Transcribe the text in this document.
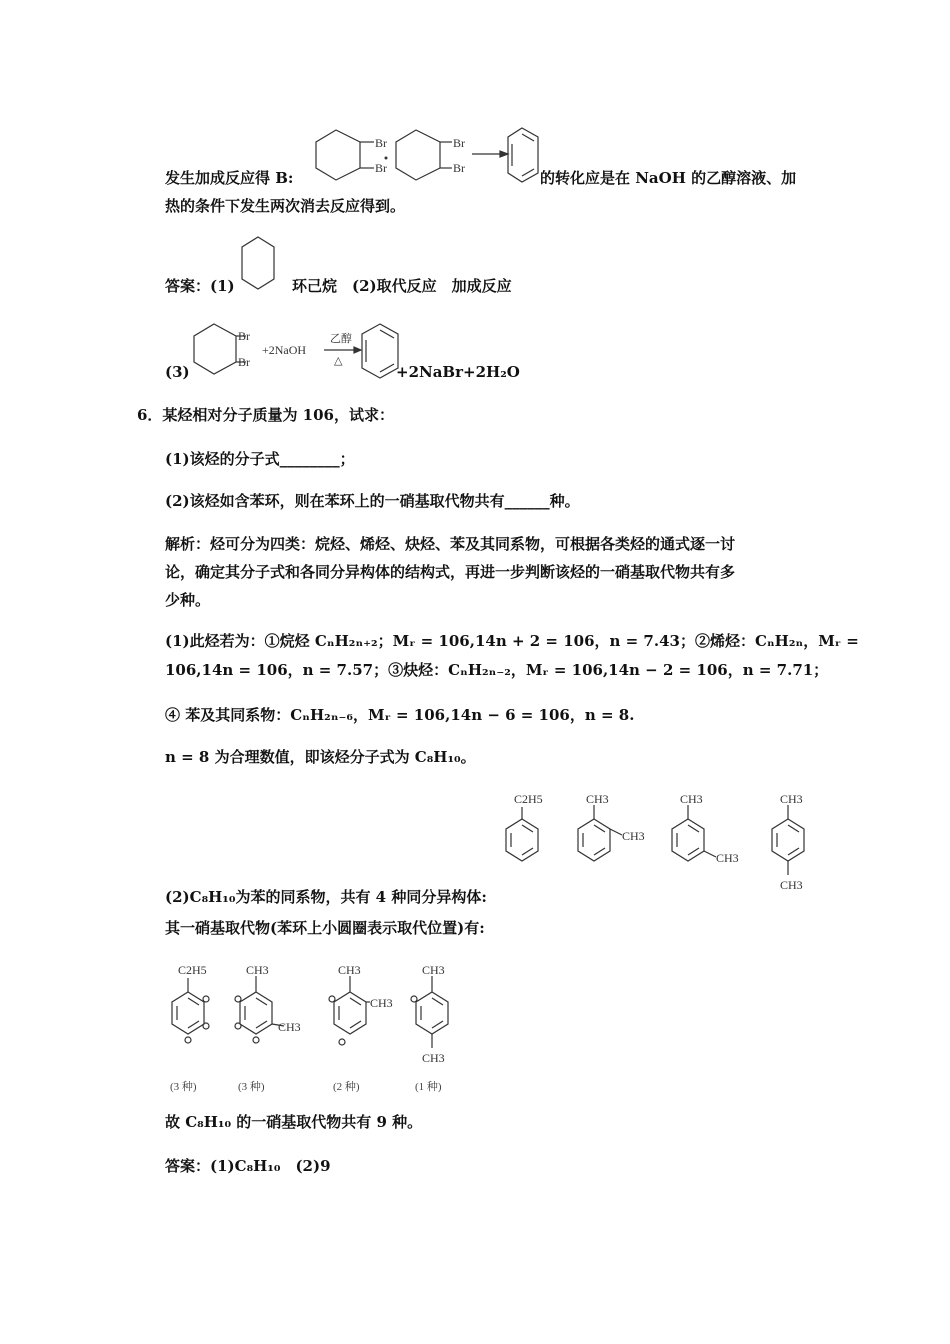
发生加成反应得 B:
Br
Br
Br
Br
的转化应是在 NaOH 的乙醇溶液、加
热的条件下发生两次消去反应得到。
答案：(1)	环己烷　(2)取代反应　加成反应
(3)
Br
Br
+2NaOH
乙醇
△
+2NaBr+2H₂O
6．某烃相对分子质量为 106，试求：
(1)该烃的分子式________；
(2)该烃如含苯环，则在苯环上的一硝基取代物共有______种。
解析：烃可分为四类：烷烃、烯烃、炔烃、苯及其同系物，可根据各类烃的通式逐一讨
论，确定其分子式和各同分异构体的结构式，再进一步判断该烃的一硝基取代物共有多
少种。
(1)此烃若为：①烷烃 CₙH₂ₙ₊₂；Mᵣ = 106,14n + 2 = 106，n = 7.43；②烯烃：CₙH₂ₙ，Mᵣ =
106,14n = 106，n = 7.57；③炔烃：CₙH₂ₙ₋₂，Mᵣ = 106,14n − 2 = 106，n = 7.71；
④ 苯及其同系物：CₙH₂ₙ₋₆，Mᵣ = 106,14n − 6 = 106，n = 8.
n = 8 为合理数值，即该烃分子式为 C₈H₁₀。
C2H5	CH3
CH3
CH3
CH3
CH3
CH3
(2)C₈H₁₀为苯的同系物，共有 4 种同分异构体:
其一硝基取代物(苯环上小圆圈表示取代位置)有:
C2H5	CH3
CH3
CH3
CH3
CH3
CH3
(3 种)	(3 种)	(2 种)	(1 种)
故 C₈H₁₀ 的一硝基取代物共有 9 种。
答案：(1)C₈H₁₀　(2)9
